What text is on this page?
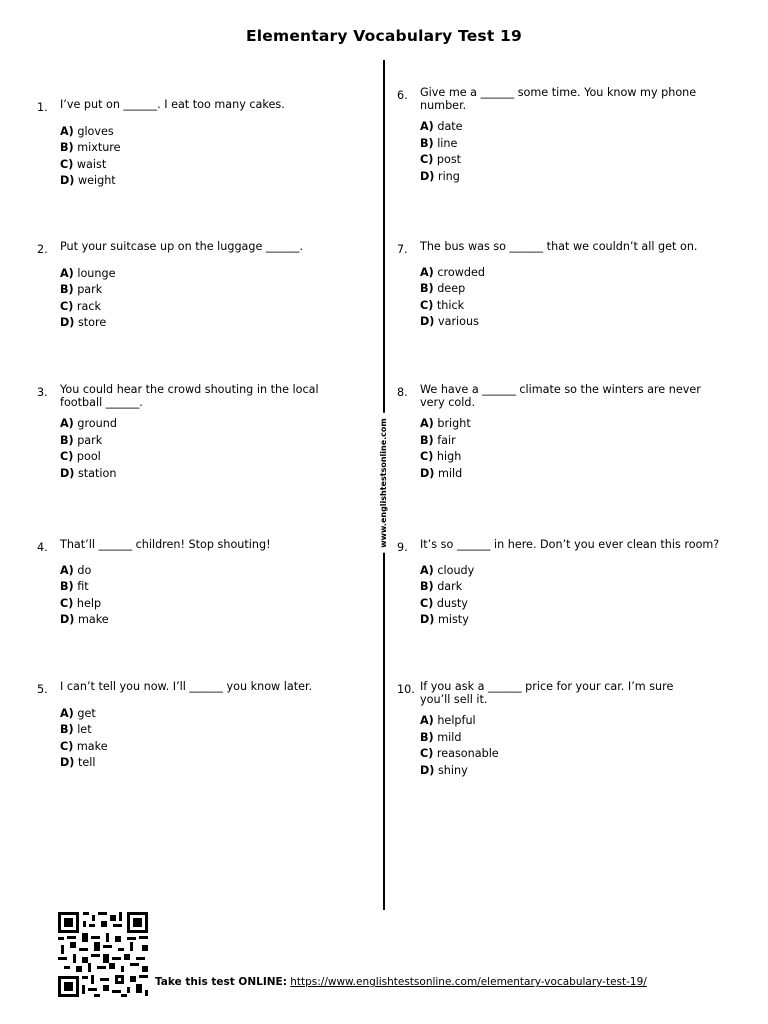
Elementary Vocabulary Test 19
www.englishtestsonline.com
1. I’ve put on ______. I eat too many cakes.
A) gloves
B) mixture
C) waist
D) weight
2. Put your suitcase up on the luggage ______.
A) lounge
B) park
C) rack
D) store
3. You could hear the crowd shouting in the local football ______.
A) ground
B) park
C) pool
D) station
4. That’ll ______ children! Stop shouting!
A) do
B) fit
C) help
D) make
5. I can’t tell you now. I’ll ______ you know later.
A) get
B) let
C) make
D) tell
6. Give me a ______ some time. You know my phone number.
A) date
B) line
C) post
D) ring
7. The bus was so ______ that we couldn’t all get on.
A) crowded
B) deep
C) thick
D) various
8. We have a ______ climate so the winters are never very cold.
A) bright
B) fair
C) high
D) mild
9. It’s so ______ in here. Don’t you ever clean this room?
A) cloudy
B) dark
C) dusty
D) misty
10. If you ask a ______ price for your car. I’m sure you’ll sell it.
A) helpful
B) mild
C) reasonable
D) shiny
Take this test ONLINE: https://www.englishtestsonline.com/elementary-vocabulary-test-19/
